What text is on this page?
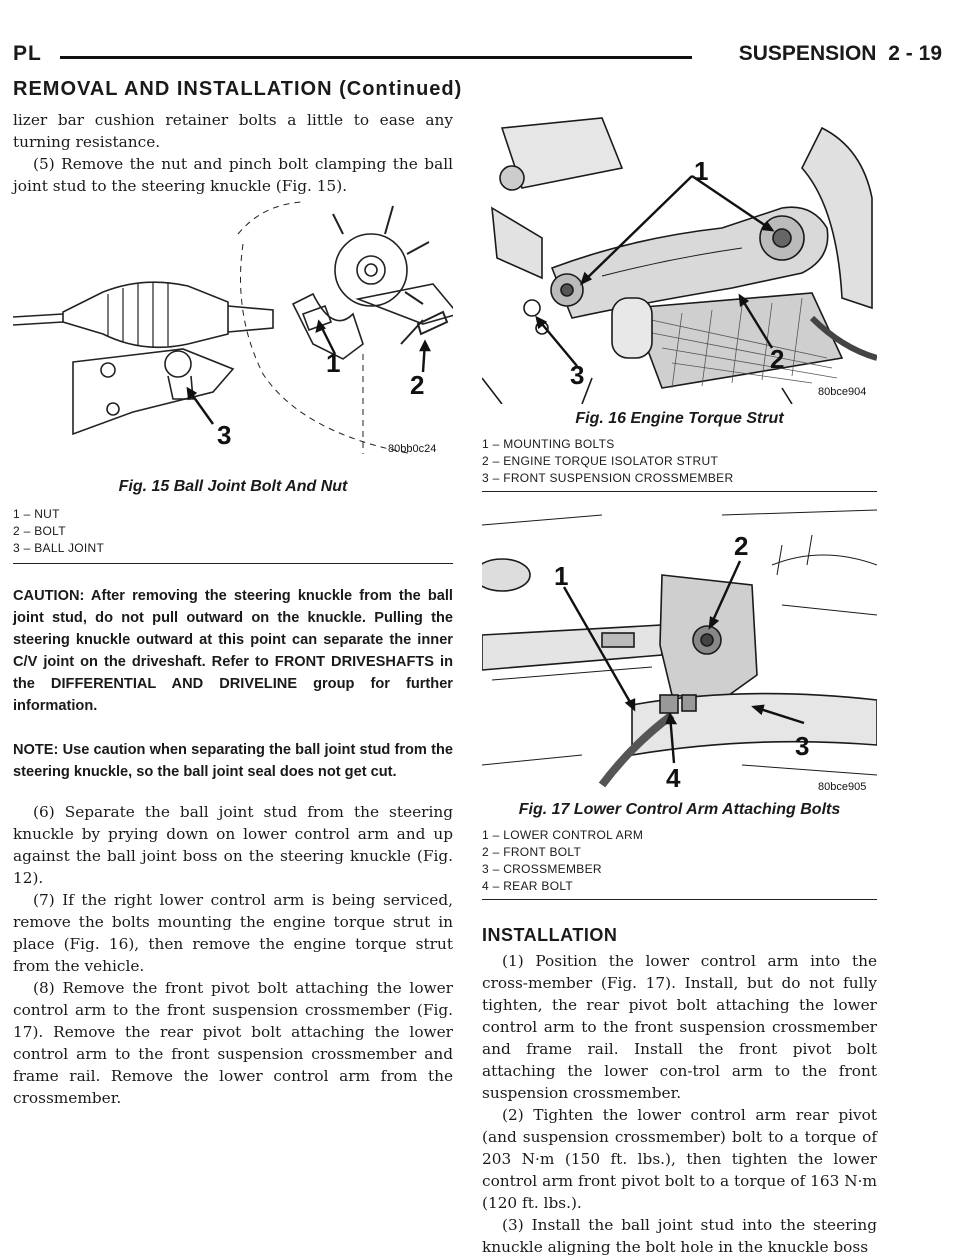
PL	SUSPENSION 2 - 19
REMOVAL AND INSTALLATION (Continued)

lizer bar cushion retainer bolts a little to ease any turning resistance.

(5) Remove the nut and pinch bolt clamping the ball joint stud to the steering knuckle (Fig. 15).

1
2
3	80bb0c24
Fig. 15 Ball Joint Bolt And Nut
1 – NUT
2 – BOLT
3 – BALL JOINT

CAUTION: After removing the steering knuckle from the ball joint stud, do not pull outward on the knuckle. Pulling the steering knuckle outward at this point can separate the inner C/V joint on the driveshaft. Refer to FRONT DRIVESHAFTS in the DIFFERENTIAL AND DRIVELINE group for further information.

NOTE: Use caution when separating the ball joint stud from the steering knuckle, so the ball joint seal does not get cut.

(6) Separate the ball joint stud from the steering knuckle by prying down on lower control arm and up against the ball joint boss on the steering knuckle (Fig. 12).

(7) If the right lower control arm is being serviced, remove the bolts mounting the engine torque strut in place (Fig. 16), then remove the engine torque strut from the vehicle.

(8) Remove the front pivot bolt attaching the lower control arm to the front suspension crossmember (Fig. 17). Remove the rear pivot bolt attaching the lower control arm to the front suspension crossmember and frame rail. Remove the lower control arm from the crossmember.

1
2
3
80bce904
Fig. 16 Engine Torque Strut
1 – MOUNTING BOLTS
2 – ENGINE TORQUE ISOLATOR STRUT
3 – FRONT SUSPENSION CROSSMEMBER
1
2
3
4	80bce905
Fig. 17 Lower Control Arm Attaching Bolts
1 – LOWER CONTROL ARM
2 – FRONT BOLT
3 – CROSSMEMBER
4 – REAR BOLT
INSTALLATION

(1) Position the lower control arm into the cross-member (Fig. 17). Install, but do not fully tighten, the rear pivot bolt attaching the lower control arm to the front suspension crossmember and frame rail. Install the front pivot bolt attaching the lower con-trol arm to the front suspension crossmember.

(2) Tighten the lower control arm rear pivot (and suspension crossmember) bolt to a torque of 203 N·m (150 ft. lbs.), then tighten the lower control arm front pivot bolt to a torque of 163 N·m (120 ft. lbs.).

(3) Install the ball joint stud into the steering knuckle aligning the bolt hole in the knuckle boss
